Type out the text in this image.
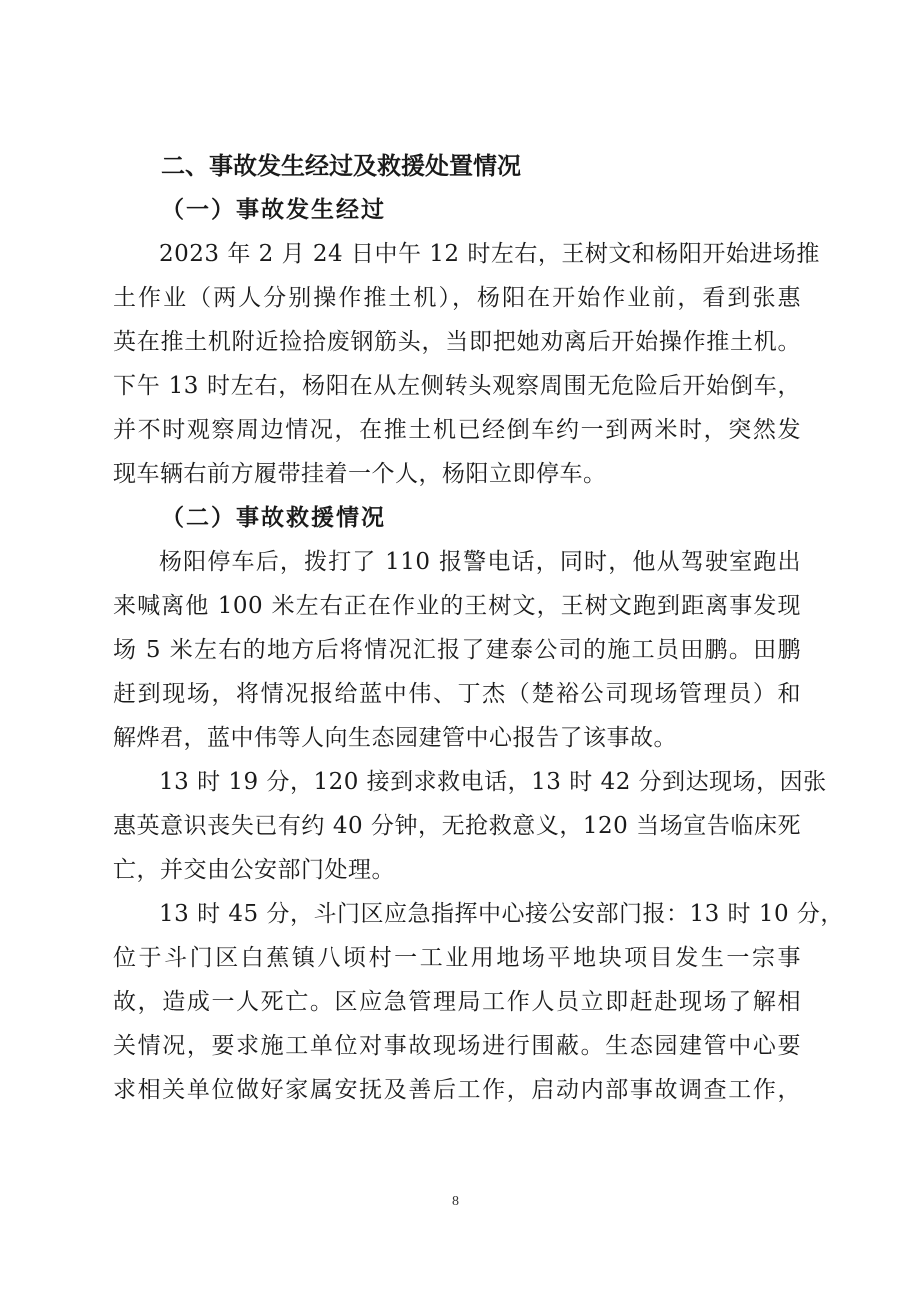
二、事故发生经过及救援处置情况
（一）事故发生经过

2023 年 2 月 24 日中午 12 时左右，王树文和杨阳开始进场推
土作业（两人分别操作推土机），杨阳在开始作业前，看到张惠
英在推土机附近捡拾废钢筋头，当即把她劝离后开始操作推土机。
下午 13 时左右，杨阳在从左侧转头观察周围无危险后开始倒车，
并不时观察周边情况，在推土机已经倒车约一到两米时，突然发
现车辆右前方履带挂着一个人，杨阳立即停车。

（二）事故救援情况

杨阳停车后，拨打了 110 报警电话，同时，他从驾驶室跑出
来喊离他 100 米左右正在作业的王树文，王树文跑到距离事发现
场 5 米左右的地方后将情况汇报了建泰公司的施工员田鹏。田鹏
赶到现场，将情况报给蓝中伟、丁杰（楚裕公司现场管理员）和
解烨君，蓝中伟等人向生态园建管中心报告了该事故。

13 时 19 分，120 接到求救电话，13 时 42 分到达现场，因张
惠英意识丧失已有约 40 分钟，无抢救意义，120 当场宣告临床死
亡，并交由公安部门处理。

13 时 45 分，斗门区应急指挥中心接公安部门报：13 时 10 分，
位于斗门区白蕉镇八顷村一工业用地场平地块项目发生一宗事
故，造成一人死亡。区应急管理局工作人员立即赶赴现场了解相
关情况，要求施工单位对事故现场进行围蔽。生态园建管中心要
求相关单位做好家属安抚及善后工作，启动内部事故调查工作，

8
